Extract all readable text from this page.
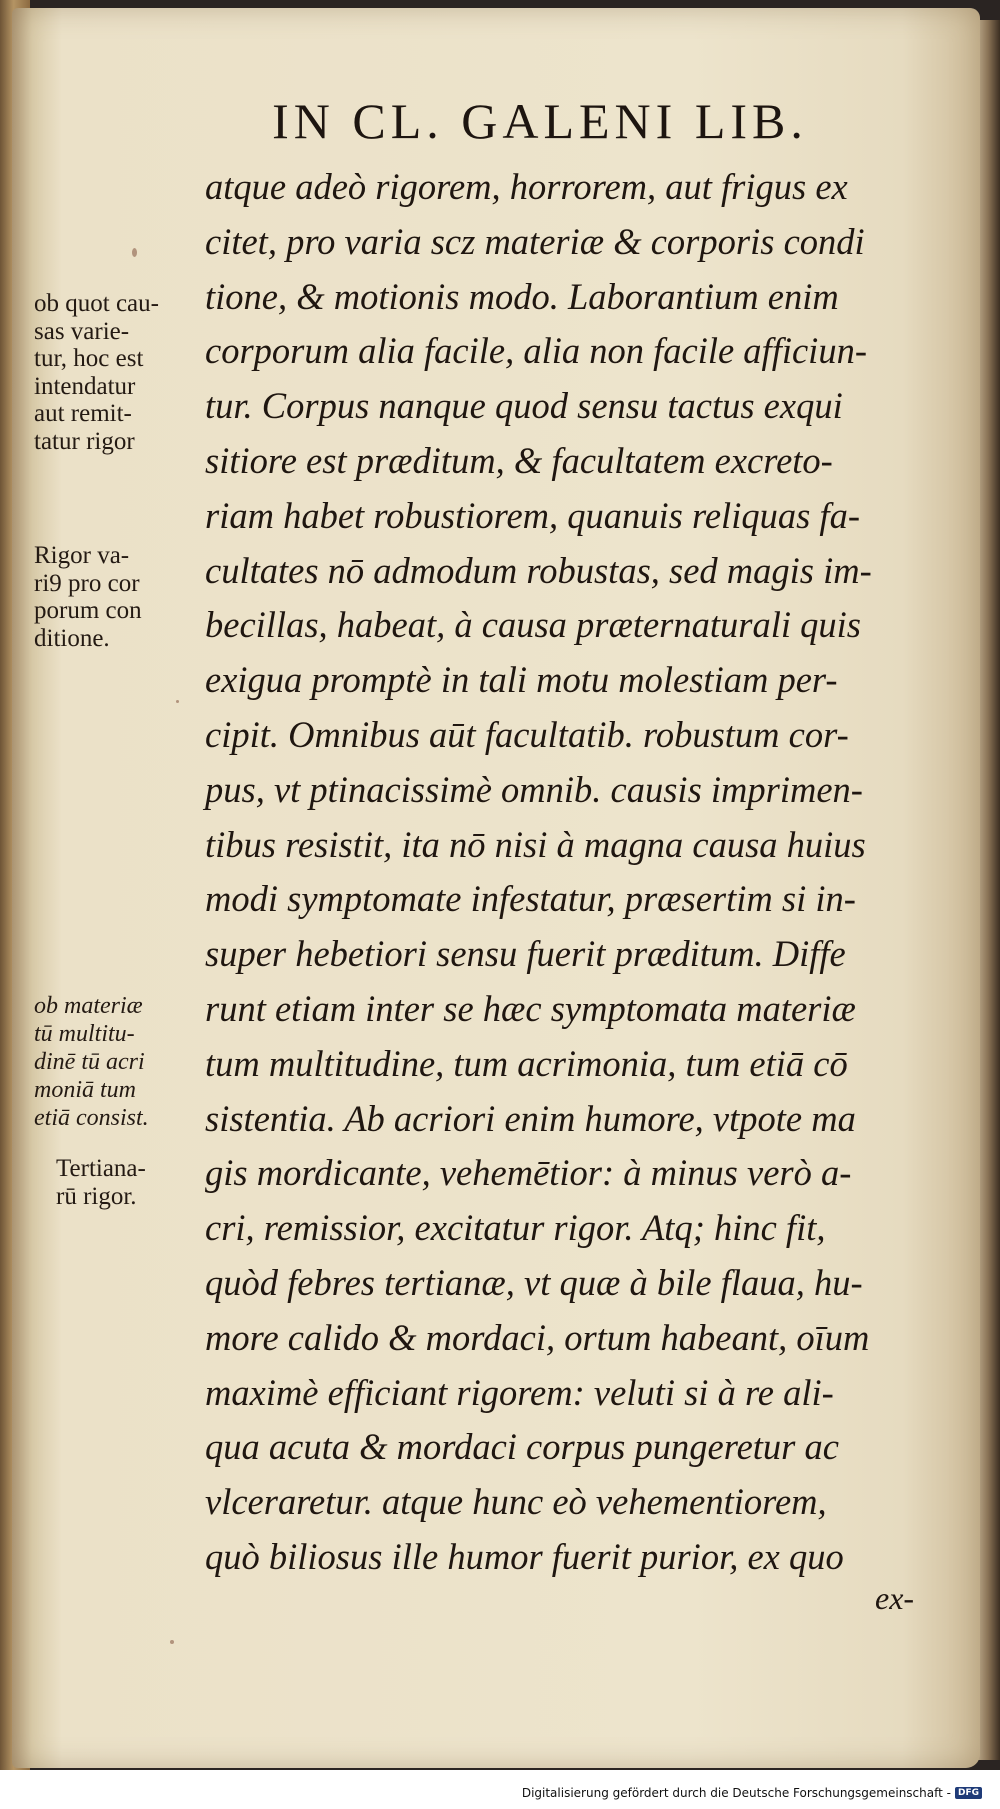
IN CL. GALENI LIB.
atque adeò rigorem, horrorem, aut frigus ex
citet, pro varia scz materiæ & corporis condi
tione, & motionis modo. Laborantium enim
corporum alia facile, alia non facile afficiun-
tur. Corpus nanque quod sensu tactus exqui
sitiore est præditum, & facultatem excreto-
riam habet robustiorem, quanuis reliquas fa-
cultates nō admodum robustas, sed magis im-
becillas, habeat, à causa præternaturali quis
exigua promptè in tali motu molestiam per-
cipit. Omnibus aūt facultatib. robustum cor-
pus, vt ptinacissimè omnib. causis imprimen-
tibus resistit, ita nō nisi à magna causa huius
modi symptomate infestatur, præsertim si in-
super hebetiori sensu fuerit præditum. Diffe
runt etiam inter se hæc symptomata materiæ
tum multitudine, tum acrimonia, tum etiā cō
sistentia. Ab acriori enim humore, vtpote ma
gis mordicante, vehemētior: à minus verò a-
cri, remissior, excitatur rigor. Atq; hinc fit,
quòd febres tertianæ, vt quæ à bile flaua, hu-
more calido & mordaci, ortum habeant, oīum
maximè efficiant rigorem: veluti si à re ali-
qua acuta & mordaci corpus pungeretur ac
vlceraretur. atque hunc eò vehementiorem,
quò biliosus ille humor fuerit purior, ex quo
ex-
ob quot cau-
sas varie-
tur, hoc est
intendatur
aut remit-
tatur rigor
Rigor va-
ri9 pro cor
porum con
ditione.
ob materiæ
tū multitu-
dinē tū acri
moniā tum
etiā consist.
Tertiana-
rū rigor.
Digitalisierung gefördert durch die Deutsche Forschungsgemeinschaft - DFG
